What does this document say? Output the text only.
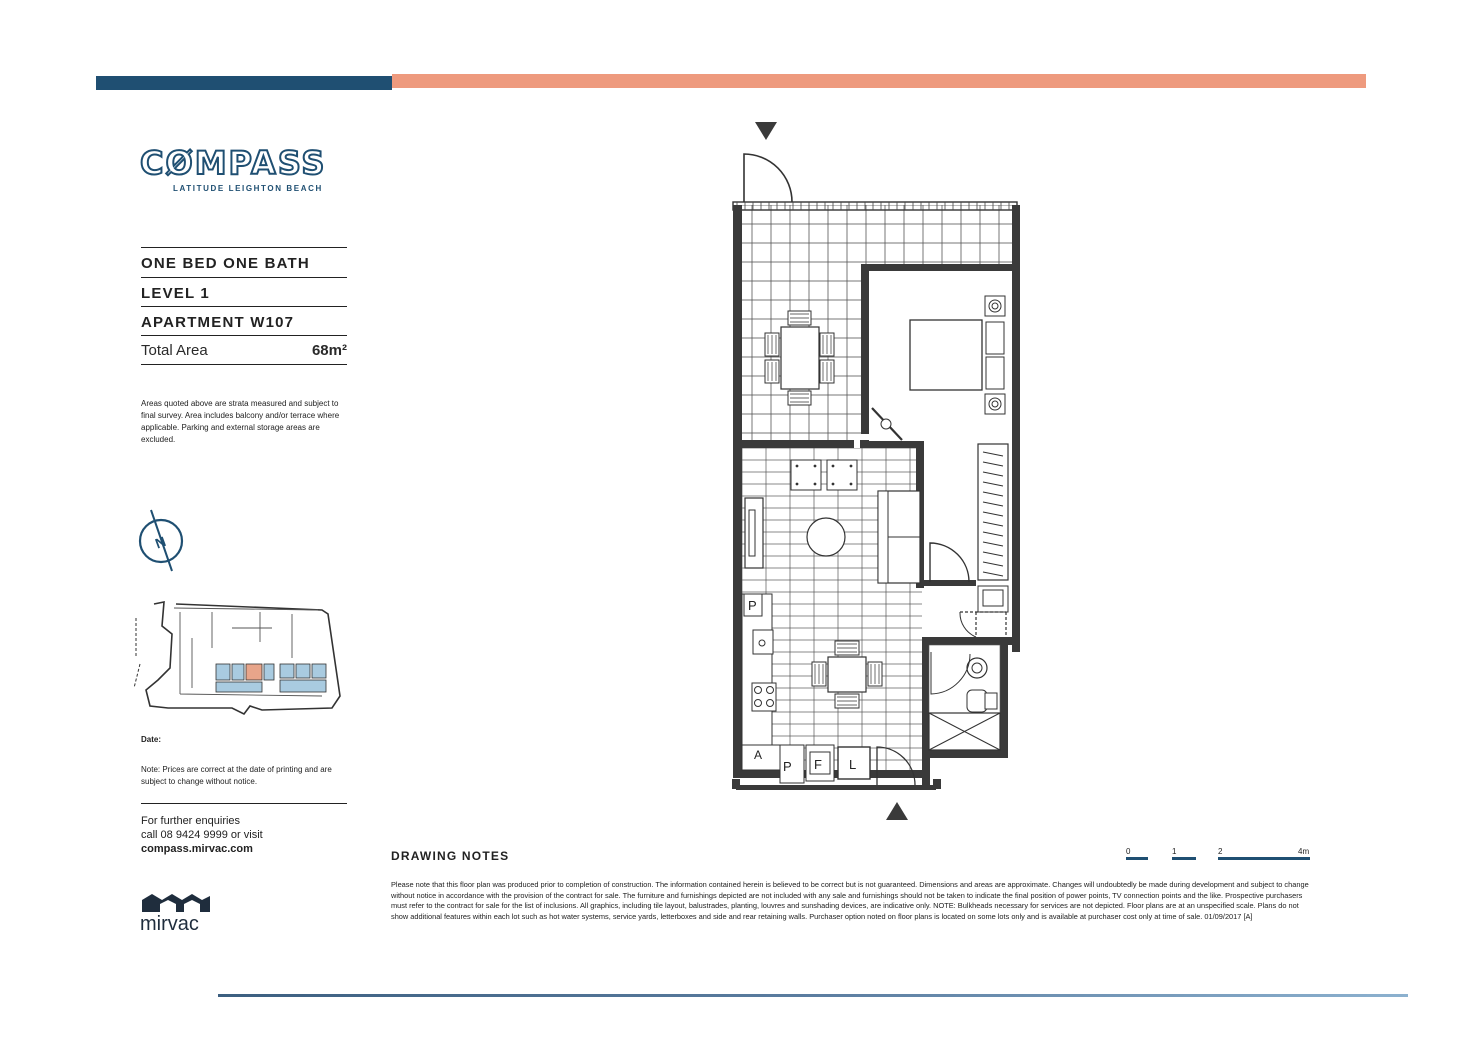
CØMPASS
LATITUDE LEIGHTON BEACH
ONE BED ONE BATH
LEVEL 1
APARTMENT W107
Total Area	68m²
Areas quoted above are strata measured and subject to final survey. Area includes balcony and/or terrace where applicable. Parking and external storage areas are excluded.
N
Date:
Note: Prices are correct at the date of printing and are subject to change without notice.
For further enquiries
call 08 9424 9999 or visit
compass.mirvac.com
mirvac
P
A
P F L
DRAWING NOTES
Please note that this floor plan was produced prior to completion of construction. The information contained herein is believed to be correct but is not guaranteed. Dimensions and areas are approximate. Changes will undoubtedly be made during development and subject to change without notice in accordance with the provision of the contract for sale. The furniture and furnishings depicted are not included with any sale and furnishings should not be taken to indicate the final position of power points, TV connection points and the like. Prospective purchasers must refer to the contract for sale for the list of inclusions. All graphics, including tile layout, balustrades, planting, louvres and sunshading devices, are indicative only. NOTE: Bulkheads necessary for services are not depicted. Floor plans are at an unspecified scale. Plans do not show additional features within each lot such as hot water systems, service yards, letterboxes and side and rear retaining walls. Purchaser option noted on floor plans is located on some lots only and is available at purchaser cost only at time of sale. 01/09/2017 [A]
0	1	2	4m
